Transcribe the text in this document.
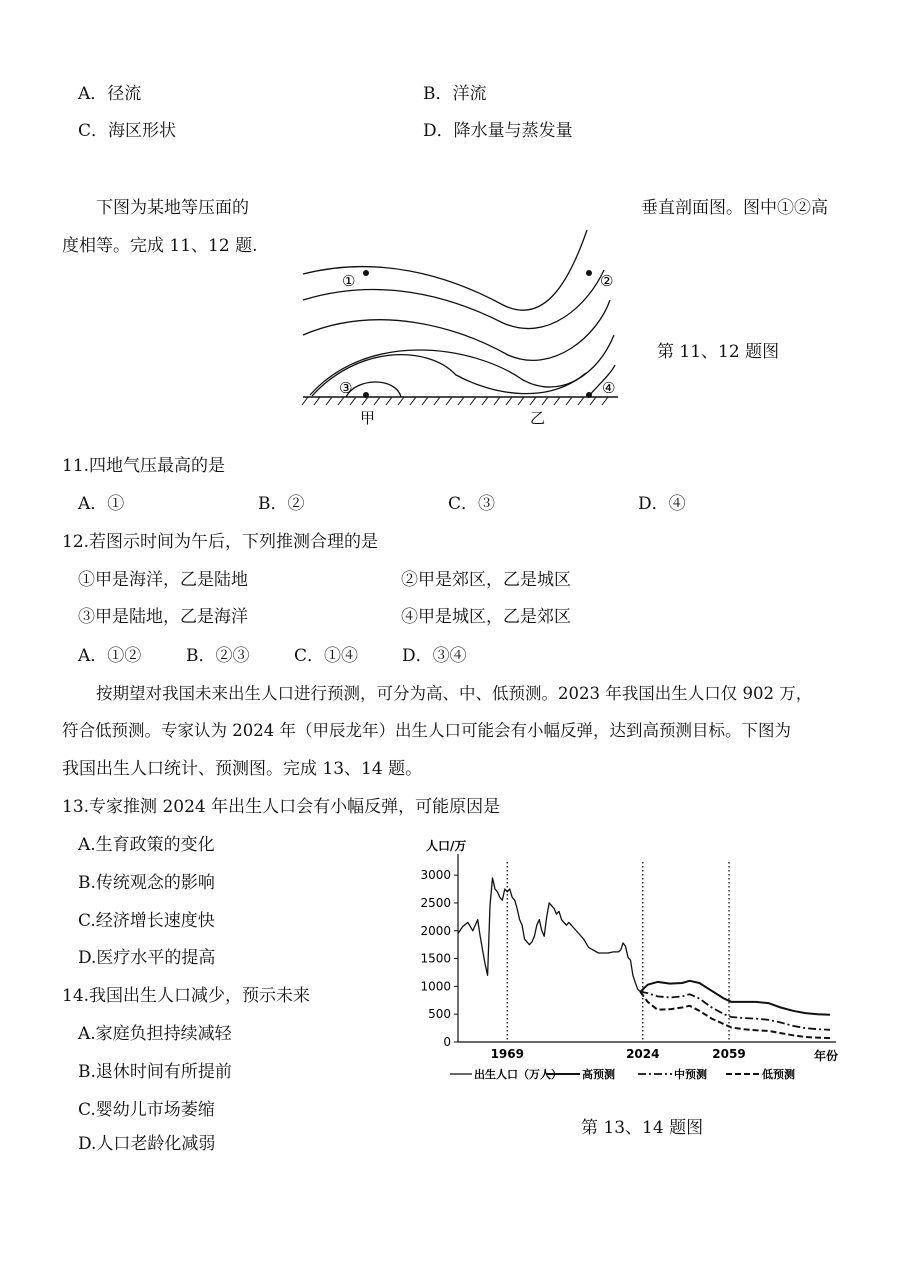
A．径流	B．洋流
C．海区形状	D．降水量与蒸发量
下图为某地等压面的	垂直剖面图。图中①②高
度相等。完成 11、12 题.
①	②
③	④
甲	乙
第 11、12 题图
11.四地气压最高的是
A．①	B．②	C．③	D．④
12.若图示时间为午后，下列推测合理的是
①甲是海洋，乙是陆地	②甲是郊区，乙是城区
③甲是陆地，乙是海洋	④甲是城区，乙是郊区
A．①②	B．②③	C．①④	D．③④
按期望对我国未来出生人口进行预测，可分为高、中、低预测。2023 年我国出生人口仅 902 万，
符合低预测。专家认为 2024 年（甲辰龙年）出生人口可能会有小幅反弹，达到高预测目标。下图为
我国出生人口统计、预测图。完成 13、14 题。
13.专家推测 2024 年出生人口会有小幅反弹，可能原因是
A.生育政策的变化
B.传统观念的影响
C.经济增长速度快
D.医疗水平的提高
14.我国出生人口减少，预示未来
A.家庭负担持续减轻
B.退休时间有所提前
C.婴幼儿市场萎缩
D.人口老龄化减弱
人口/万
0
500
1000
1500
2000
2500
3000
1969	2024	2059	年份
出生人口（万人） 高预测	中预测	低预测
第 13、14 题图
